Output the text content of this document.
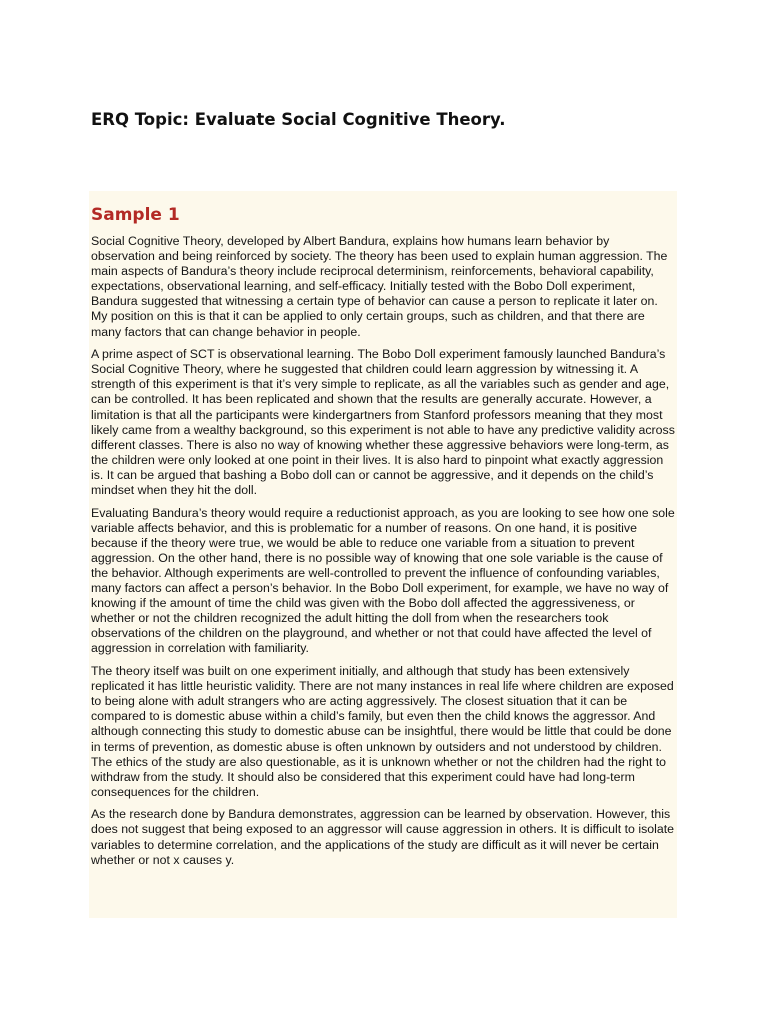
ERQ Topic: Evaluate Social Cognitive Theory.
Sample 1

Social Cognitive Theory, developed by Albert Bandura, explains how humans learn behavior by observation and being reinforced by society. The theory has been used to explain human aggression. The main aspects of Bandura’s theory include reciprocal determinism, reinforcements, behavioral capability, expectations, observational learning, and self-efficacy. Initially tested with the Bobo Doll experiment, Bandura suggested that witnessing a certain type of behavior can cause a person to replicate it later on. My position on this is that it can be applied to only certain groups, such as children, and that there are many factors that can change behavior in people.

A prime aspect of SCT is observational learning. The Bobo Doll experiment famously launched Bandura’s Social Cognitive Theory, where he suggested that children could learn aggression by witnessing it. A strength of this experiment is that it’s very simple to replicate, as all the variables such as gender and age, can be controlled. It has been replicated and shown that the results are generally accurate. However, a limitation is that all the participants were kindergartners from Stanford professors meaning that they most likely came from a wealthy background, so this experiment is not able to have any predictive validity across different classes. There is also no way of knowing whether these aggressive behaviors were long-term, as the children were only looked at one point in their lives. It is also hard to pinpoint what exactly aggression is. It can be argued that bashing a Bobo doll can or cannot be aggressive, and it depends on the child’s mindset when they hit the doll.

Evaluating Bandura’s theory would require a reductionist approach, as you are looking to see how one sole variable affects behavior, and this is problematic for a number of reasons. On one hand, it is positive because if the theory were true, we would be able to reduce one variable from a situation to prevent aggression. On the other hand, there is no possible way of knowing that one sole variable is the cause of the behavior. Although experiments are well-controlled to prevent the influence of confounding variables, many factors can affect a person’s behavior. In the Bobo Doll experiment, for example, we have no way of knowing if the amount of time the child was given with the Bobo doll affected the aggressiveness, or whether or not the children recognized the adult hitting the doll from when the researchers took observations of the children on the playground, and whether or not that could have affected the level of aggression in correlation with familiarity.

The theory itself was built on one experiment initially, and although that study has been extensively replicated it has little heuristic validity. There are not many instances in real life where children are exposed to being alone with adult strangers who are acting aggressively. The closest situation that it can be compared to is domestic abuse within a child’s family, but even then the child knows the aggressor. And although connecting this study to domestic abuse can be insightful, there would be little that could be done in terms of prevention, as domestic abuse is often unknown by outsiders and not understood by children. The ethics of the study are also questionable, as it is unknown whether or not the children had the right to withdraw from the study. It should also be considered that this experiment could have had long-term consequences for the children.

As the research done by Bandura demonstrates, aggression can be learned by observation. However, this does not suggest that being exposed to an aggressor will cause aggression in others. It is difficult to isolate variables to determine correlation, and the applications of the study are difficult as it will never be certain whether or not x causes y.
